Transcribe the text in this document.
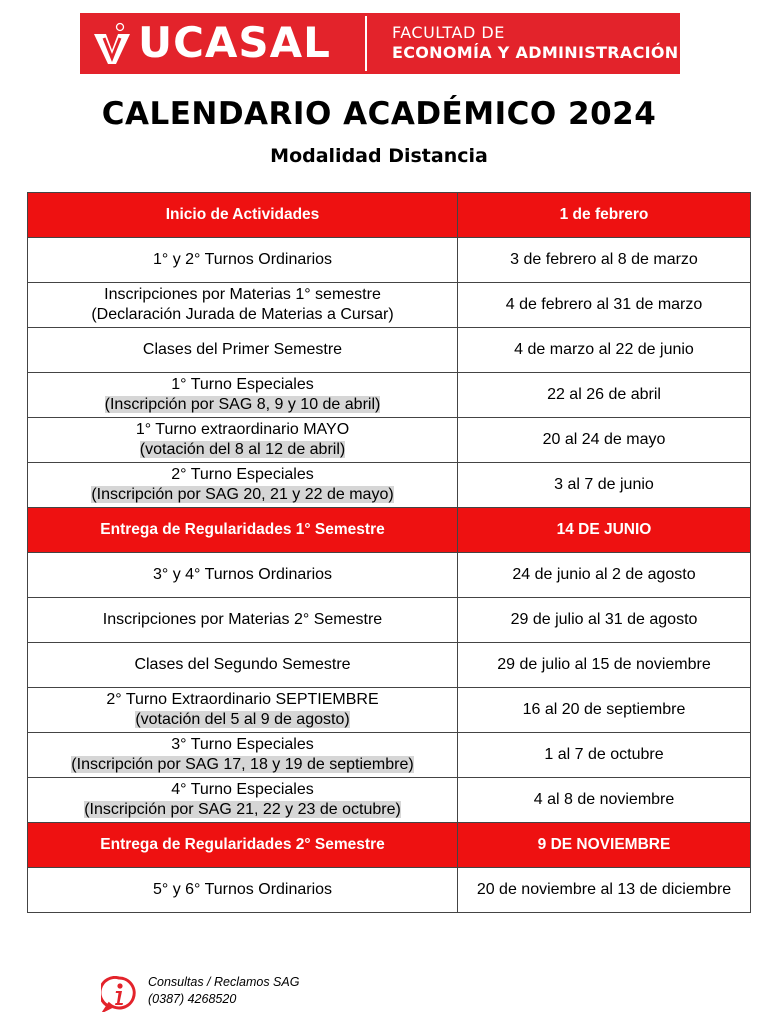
UCASAL	FACULTAD DE
ECONOMÍA Y ADMINISTRACIÓN
CALENDARIO ACADÉMICO 2024
Modalidad Distancia
Inicio de Actividades	1 de febrero

1° y 2° Turnos Ordinarios	3 de febrero al 8 de marzo

Inscripciones por Materias 1° semestre
(Declaración Jurada de Materias a Cursar)	4 de febrero al 31 de marzo

Clases del Primer Semestre	4 de marzo al 22 de junio

1° Turno Especiales
(Inscripción por SAG 8, 9 y 10 de abril)	22 al 26 de abril

1° Turno extraordinario MAYO
(votación del 8 al 12 de abril)	20 al 24 de mayo

2° Turno Especiales
(Inscripción por SAG 20, 21 y 22 de mayo)	3 al 7 de junio

Entrega de Regularidades 1° Semestre	14 DE JUNIO

3° y 4° Turnos Ordinarios	24 de junio al 2 de agosto

Inscripciones por Materias 2° Semestre	29 de julio al 31 de agosto

Clases del Segundo Semestre	29 de julio al 15 de noviembre

2° Turno Extraordinario SEPTIEMBRE
(votación del 5 al 9 de agosto)	16 al 20 de septiembre

3° Turno Especiales
(Inscripción por SAG 17, 18 y 19 de septiembre)	1 al 7 de octubre

4° Turno Especiales
(Inscripción por SAG 21, 22 y 23 de octubre)	4 al 8 de noviembre

Entrega de Regularidades 2° Semestre	9 DE NOVIEMBRE

5° y 6° Turnos Ordinarios	20 de noviembre al 13 de diciembre
Consultas / Reclamos SAG
(0387) 4268520
